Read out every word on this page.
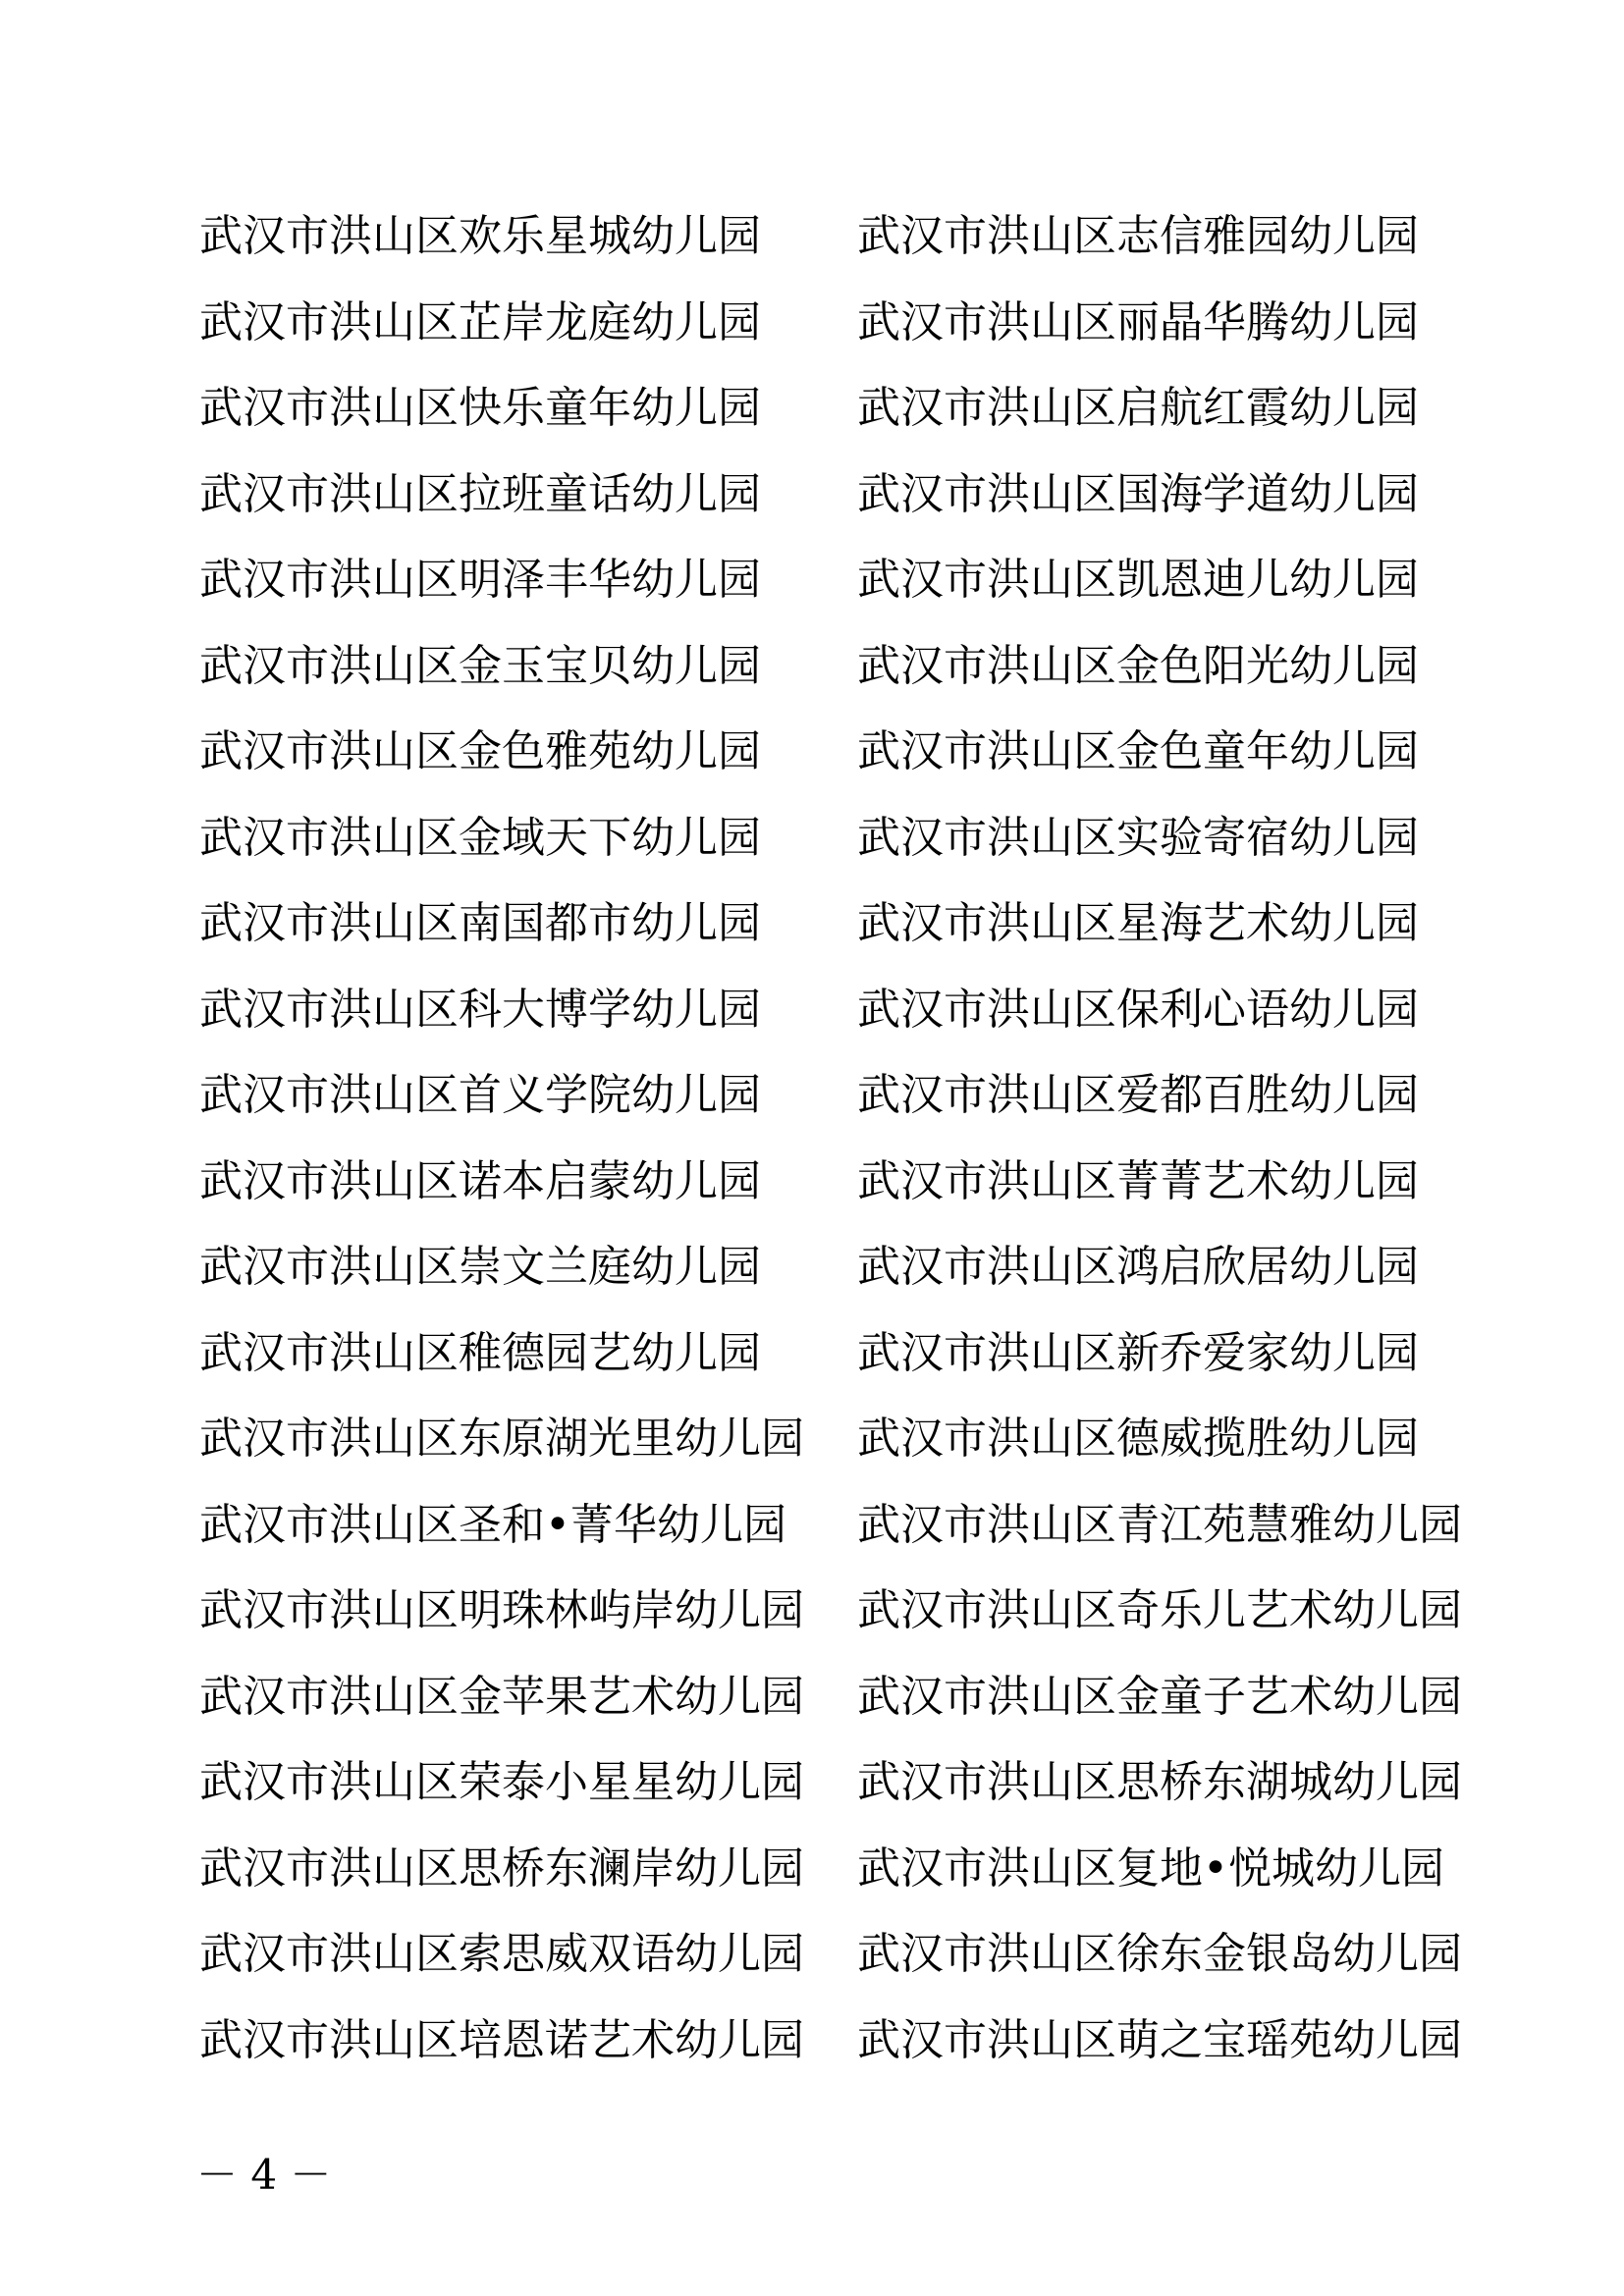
武汉市洪山区欢乐星城幼儿园 武汉市洪山区志信雅园幼儿园
武汉市洪山区芷岸龙庭幼儿园 武汉市洪山区丽晶华腾幼儿园
武汉市洪山区快乐童年幼儿园 武汉市洪山区启航红霞幼儿园
武汉市洪山区拉班童话幼儿园 武汉市洪山区国海学道幼儿园
武汉市洪山区明泽丰华幼儿园 武汉市洪山区凯恩迪儿幼儿园
武汉市洪山区金玉宝贝幼儿园 武汉市洪山区金色阳光幼儿园
武汉市洪山区金色雅苑幼儿园 武汉市洪山区金色童年幼儿园
武汉市洪山区金域天下幼儿园 武汉市洪山区实验寄宿幼儿园
武汉市洪山区南国都市幼儿园 武汉市洪山区星海艺术幼儿园
武汉市洪山区科大博学幼儿园 武汉市洪山区保利心语幼儿园
武汉市洪山区首义学院幼儿园 武汉市洪山区爱都百胜幼儿园
武汉市洪山区诺本启蒙幼儿园 武汉市洪山区菁菁艺术幼儿园
武汉市洪山区崇文兰庭幼儿园 武汉市洪山区鸿启欣居幼儿园
武汉市洪山区稚德园艺幼儿园 武汉市洪山区新乔爱家幼儿园
武汉市洪山区东原湖光里幼儿园 武汉市洪山区德威揽胜幼儿园
武汉市洪山区圣和•菁华幼儿园 武汉市洪山区青江苑慧雅幼儿园
武汉市洪山区明珠林屿岸幼儿园 武汉市洪山区奇乐儿艺术幼儿园
武汉市洪山区金苹果艺术幼儿园 武汉市洪山区金童子艺术幼儿园
武汉市洪山区荣泰小星星幼儿园 武汉市洪山区思桥东湖城幼儿园
武汉市洪山区思桥东澜岸幼儿园 武汉市洪山区复地•悦城幼儿园
武汉市洪山区索思威双语幼儿园 武汉市洪山区徐东金银岛幼儿园
武汉市洪山区培恩诺艺术幼儿园 武汉市洪山区萌之宝瑶苑幼儿园
－ 4 －
